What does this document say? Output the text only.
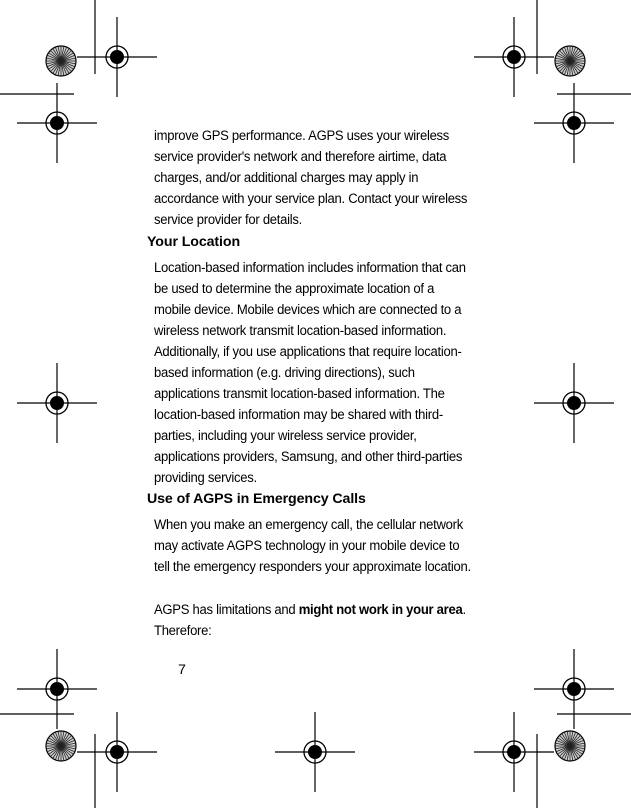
improve GPS performance. AGPS uses your wireless service provider's network and therefore airtime, data charges, and/or additional charges may apply in accordance with your service plan. Contact your wireless service provider for details.

Your Location

Location-based information includes information that can be used to determine the approximate location of a mobile device. Mobile devices which are connected to a wireless network transmit location-based information. Additionally, if you use applications that require location-based information (e.g. driving directions), such applications transmit location-based information. The location-based information may be shared with third-parties, including your wireless service provider, applications providers, Samsung, and other third-parties providing services.

Use of AGPS in Emergency Calls

When you make an emergency call, the cellular network may activate AGPS technology in your mobile device to tell the emergency responders your approximate location.

AGPS has limitations and might not work in your area. Therefore:

7
